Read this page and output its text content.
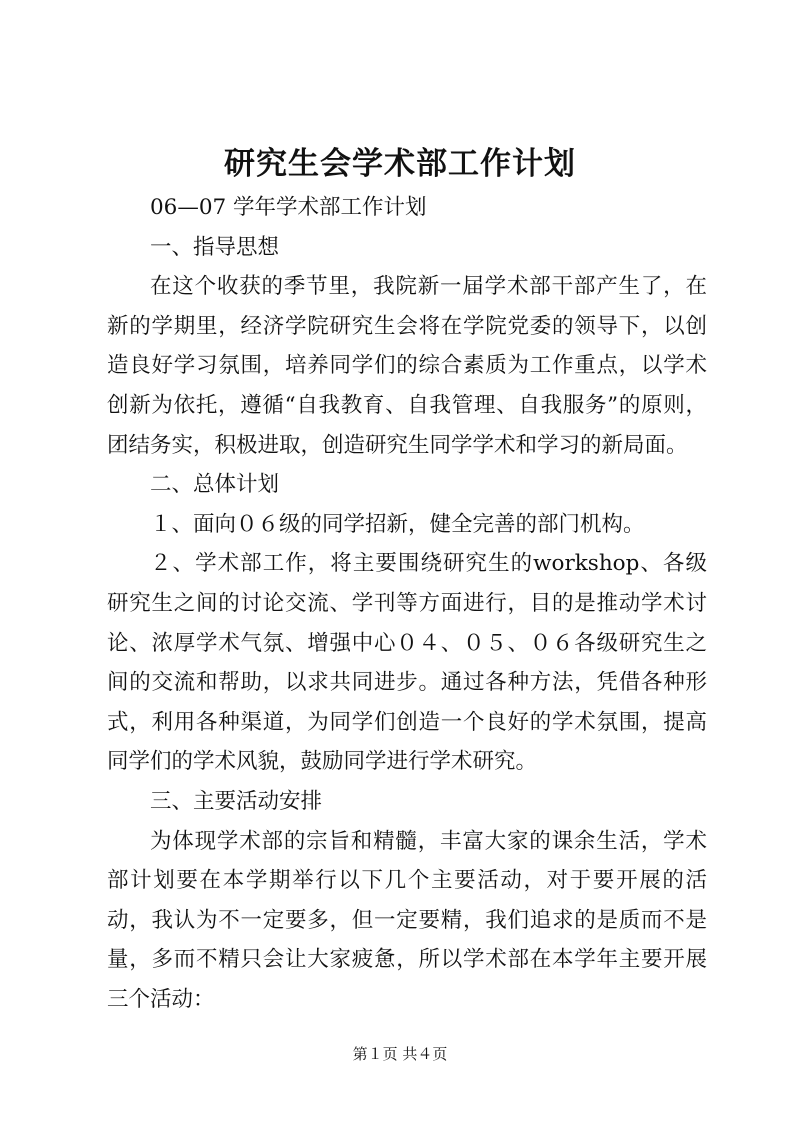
研究生会学术部工作计划

06—07 学年学术部工作计划

一、指导思想

在这个收获的季节里，我院新一届学术部干部产生了，在新的学期里，经济学院研究生会将在学院党委的领导下，以创造良好学习氛围，培养同学们的综合素质为工作重点，以学术创新为依托，遵循“自我教育、自我管理、自我服务”的原则，团结务实，积极进取，创造研究生同学学术和学习的新局面。

二、总体计划

１、面向０６级的同学招新，健全完善的部门机构。

２、学术部工作，将主要围绕研究生的workshop、各级研究生之间的讨论交流、学刊等方面进行，目的是推动学术讨论、浓厚学术气氛、增强中心０４、０５、０６各级研究生之间的交流和帮助，以求共同进步。通过各种方法，凭借各种形式，利用各种渠道，为同学们创造一个良好的学术氛围，提高同学们的学术风貌，鼓励同学进行学术研究。

三、主要活动安排

为体现学术部的宗旨和精髓，丰富大家的课余生活，学术部计划要在本学期举行以下几个主要活动，对于要开展的活动，我认为不一定要多，但一定要精，我们追求的是质而不是量，多而不精只会让大家疲惫，所以学术部在本学年主要开展三个活动：

第１页 共４页
